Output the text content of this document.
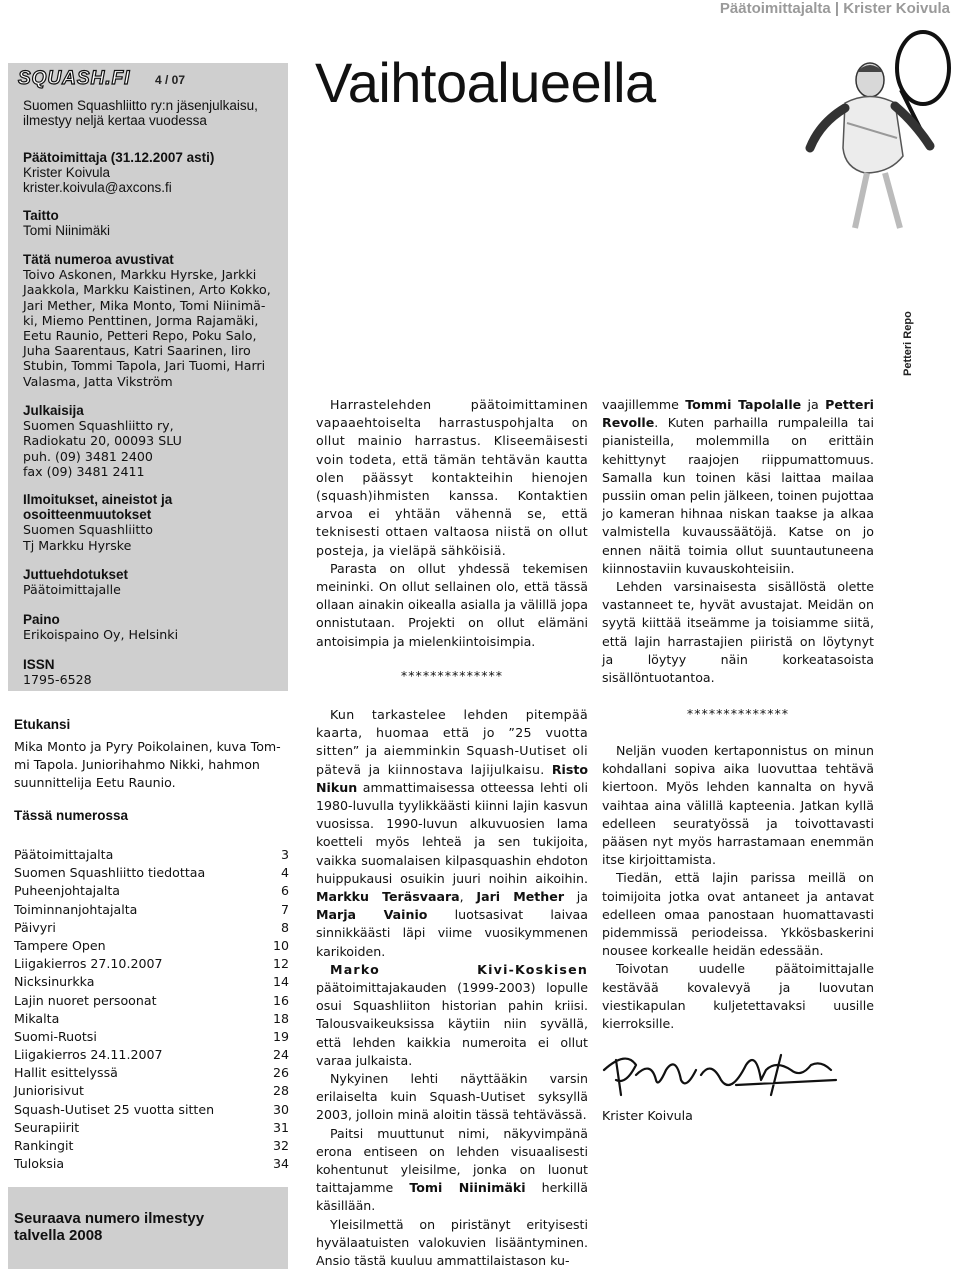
Päätoimittajalta | Krister Koivula
SQUASH.FI 4 / 07
Suomen Squashliitto ry:n jäsenjulkaisu,
ilmestyy neljä kertaa vuodessa
Päätoimittaja (31.12.2007 asti)
Krister Koivula
krister.koivula@axcons.fi
Taitto
Tomi Niinimäki
Tätä numeroa avustivat
Toivo Askonen, Markku Hyrske, Jarkki
Jaakkola, Markku Kaistinen, Arto Kokko,
Jari Mether, Mika Monto, Tomi Niinimä-
ki, Miemo Penttinen, Jorma Rajamäki,
Eetu Raunio, Petteri Repo, Poku Salo,
Juha Saarentaus, Katri Saarinen, Iiro
Stubin, Tommi Tapola, Jari Tuomi, Harri
Valasma, Jatta Vikström
Julkaisija
Suomen Squashliitto ry,
Radiokatu 20, 00093 SLU
puh. (09) 3481 2400
fax (09) 3481 2411
Ilmoitukset, aineistot ja
osoitteenmuutokset
Suomen Squashliitto
Tj Markku Hyrske
Juttuehdotukset
Päätoimittajalle
Paino
Erikoispaino Oy, Helsinki
ISSN
1795-6528
Vaihtoalueella
Petteri Repo

Harrastelehden päätoimittaminen vapaaehtoiselta harrastuspohjalta on ollut mainio harrastus. Kliseemäisesti voin todeta, että tämän tehtävän kautta olen päässyt kontakteihin hienojen (squash)ihmisten kanssa. Kontaktien arvoa ei yhtään vähennä se, että teknisesti ottaen valtaosa niistä on ollut posteja, ja vieläpä sähköisiä.

Parasta on ollut yhdessä tekemisen meininki. On ollut sellainen olo, että tässä ollaan ainakin oikealla asialla ja välillä jopa onnistutaan. Projekti on ollut elämäni antoisimpia ja mielenkiintoisimpia.

**************

vaajillemme Tommi Tapolalle ja Petteri Revolle. Kuten parhailla rumpaleilla tai pianisteilla, molemmilla on erittäin kehittynyt raajojen riippumattomuus. Samalla kun toinen käsi laittaa mailaa pussiin oman pelin jälkeen, toinen pujottaa jo kameran hihnaa niskan taakse ja alkaa valmistella kuvaussäätöjä. Katse on jo ennen näitä toimia ollut suuntautuneena kiinnostaviin kuvauskohteisiin.

Lehden varsinaisesta sisällöstä olette vastanneet te, hyvät avustajat. Meidän on syytä kiittää itseämme ja toisiamme siitä, että lajin harrastajien piiristä on löytynyt ja löytyy näin korkeatasoista sisällöntuotantoa.

**************
Etukansi
Mika Monto ja Pyry Poikolainen, kuva Tom-
mi Tapola. Juniorihahmo Nikki, hahmon
suunnittelija Eetu Raunio.
Tässä numerossa
Päätoimittajalta	3
Suomen Squashliitto tiedottaa	4
Puheenjohtajalta	6
Toiminnanjohtajalta	7
Päivyri	8
Tampere Open	10
Liigakierros 27.10.2007	12
Nicksinurkka	14
Lajin nuoret persoonat	16
Mikalta	18
Suomi-Ruotsi	19
Liigakierros 24.11.2007	24
Hallit esittelyssä	26
Juniorisivut	28
Squash-Uutiset 25 vuotta sitten	30
Seurapiirit	31
Rankingit	32
Tuloksia	34
Seuraava numero ilmestyy
talvella 2008

Kun tarkastelee lehden pitempää kaarta, huomaa että jo ”25 vuotta sitten” ja aiemminkin Squash-Uutiset oli pätevä ja kiinnostava lajijulkaisu. Risto Nikun ammattimaisessa otteessa lehti oli 1980-luvulla tyylikkäästi kiinni lajin kasvun vuosissa. 1990-luvun alkuvuosien lama koetteli myös lehteä ja sen tukijoita, vaikka suomalaisen kilpasquashin ehdoton huippukausi osuikin juuri noihin aikoihin. Markku Teräsvaara, Jari Mether ja Marja Vainio luotsasivat laivaa sinnikkäästi läpi viime vuosikymmenen karikoiden.

Marko Kivi-Koskisen päätoimittajakauden (1999-2003) lopulle osui Squashliiton historian pahin kriisi. Talousvaikeuksissa käytiin niin syvällä, että lehden kaikkia numeroita ei ollut varaa julkaista.

Nykyinen lehti näyttääkin varsin erilaiselta kuin Squash-Uutiset syksyllä 2003, jolloin minä aloitin tässä tehtävässä.

Paitsi muuttunut nimi, näkyvimpänä erona entiseen on lehden visuaalisesti kohentunut yleisilme, jonka on luonut taittajamme Tomi Niinimäki herkillä käsillään.

Yleisilmettä on piristänyt erityisesti hyvälaatuisten valokuvien lisääntyminen. Ansio tästä kuuluu ammattilaistason ku-

Neljän vuoden kertaponnistus on minun kohdallani sopiva aika luovuttaa tehtävä kiertoon. Myös lehden kannalta on hyvä vaihtaa aina välillä kapteenia. Jatkan kyllä edelleen seuratyössä ja toivottavasti pääsen nyt myös harrastamaan enemmän itse kirjoittamista.

Tiedän, että lajin parissa meillä on toimijoita jotka ovat antaneet ja antavat edelleen omaa panostaan huomattavasti pidemmissä periodeissa. Ykkösbaskerini nousee korkealle heidän edessään.

Toivotan uudelle päätoimittajalle kestävää kovalevyä ja luovutan viestikapulan kuljetettavaksi uusille kierroksille.

Krister Koivula
